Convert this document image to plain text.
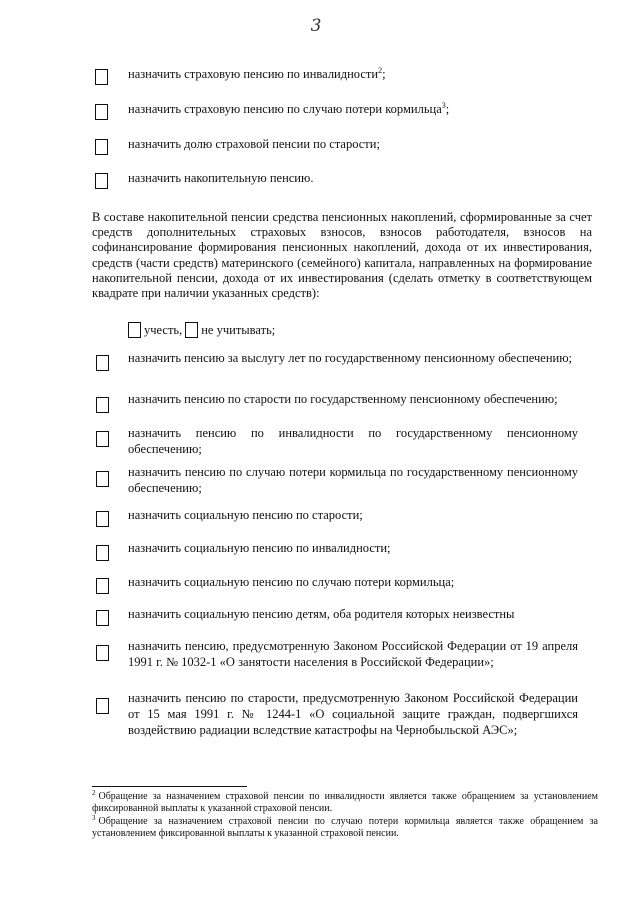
3
назначить страховую пенсию по инвалидности$^2$;
назначить страховую пенсию по случаю потери кормильца$^3$;
назначить долю страховой пенсии по старости;
назначить накопительную пенсию.
В составе накопительной пенсии средства пенсионных накоплений, сформированные за счет средств дополнительных страховых взносов, взносов работодателя, взносов на софинансирование формирования пенсионных накоплений, дохода от их инвестирования, средств (части средств) материнского (семейного) капитала, направленных на формирование накопительной пенсии, дохода от их инвестирования (сделать отметку в соответствующем квадрате при наличии указанных средств):
учесть, не учитывать;
назначить пенсию за выслугу лет по государственному пенсионному обеспечению;
назначить пенсию по старости по государственному пенсионному обеспечению;
назначить пенсию по инвалидности по государственному пенсионному обеспечению;
назначить пенсию по случаю потери кормильца по государственному пенсионному обеспечению;
назначить социальную пенсию по старости;
назначить социальную пенсию по инвалидности;
назначить социальную пенсию по случаю потери кормильца;
назначить социальную пенсию детям, оба родителя которых неизвестны
назначить пенсию, предусмотренную Законом Российской Федерации от 19 апреля 1991 г. № 1032-1 «О занятости населения в Российской Федерации»;
назначить пенсию по старости, предусмотренную Законом Российской Федерации от 15 мая 1991 г. № 1244-1 «О социальной защите граждан, подвергшихся воздействию радиации вследствие катастрофы на Чернобыльской АЭС»;
$^2$ Обращение за назначением страховой пенсии по инвалидности является также обращением за установлением фиксированной выплаты к указанной страховой пенсии.
$^3$ Обращение за назначением страховой пенсии по случаю потери кормильца является также обращением за установлением фиксированной выплаты к указанной страховой пенсии.
